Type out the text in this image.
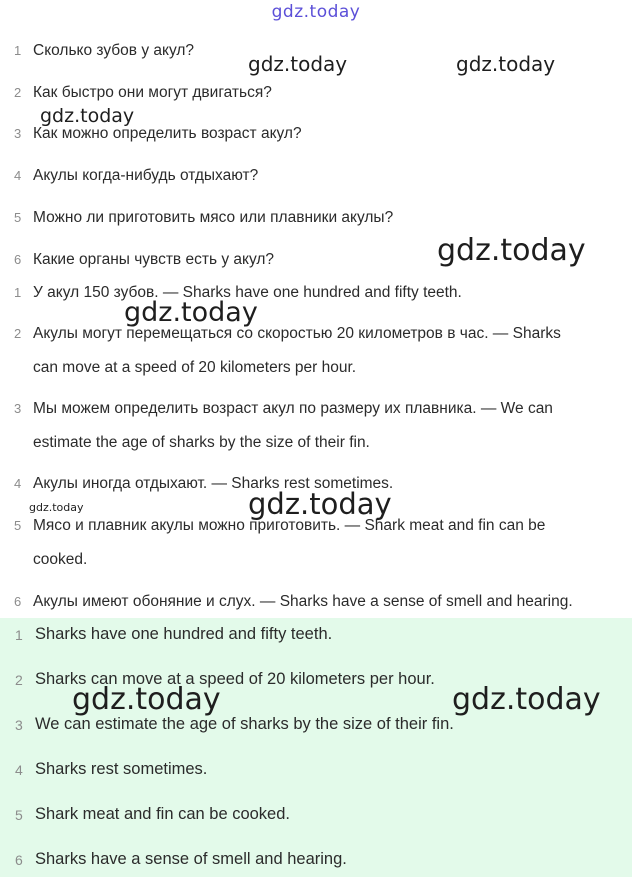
gdz.today
1 Сколько зубов у акул?
2 Как быстро они могут двигаться?
3 Как можно определить возраст акул?
4 Акулы когда-нибудь отдыхают?
5 Можно ли приготовить мясо или плавники акулы?
6 Какие органы чувств есть у акул?
1 У акул 150 зубов. — Sharks have one hundred and fifty teeth.
2 Акулы могут перемещаться со скоростью 20 километров в час. — Sharks
can move at a speed of 20 kilometers per hour.
3 Мы можем определить возраст акул по размеру их плавника. — We can
estimate the age of sharks by the size of their fin.
4 Акулы иногда отдыхают. — Sharks rest sometimes.
5 Мясо и плавник акулы можно приготовить. — Shark meat and fin can be
cooked.
6 Акулы имеют обоняние и слух. — Sharks have a sense of smell and hearing.
1 Sharks have one hundred and fifty teeth.
2 Sharks can move at a speed of 20 kilometers per hour.
3 We can estimate the age of sharks by the size of their fin.
4 Sharks rest sometimes.
5 Shark meat and fin can be cooked.
6 Sharks have a sense of smell and hearing.
gdz.today	gdz.today
gdz.today
gdz.today
gdz.today
gdz.today
gdz.today
gdz.today	gdz.today
